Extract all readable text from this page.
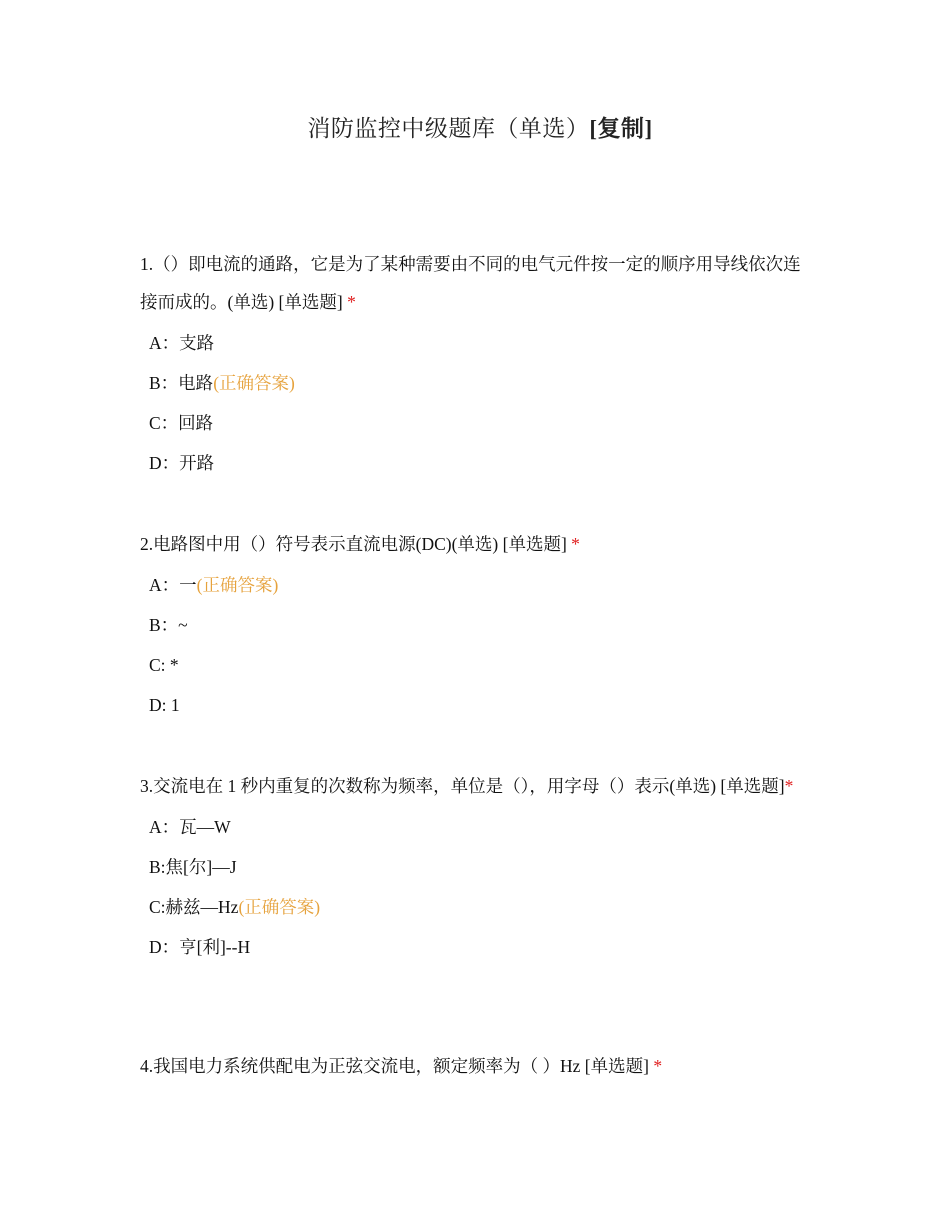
消防监控中级题库（单选）[复制]
1.（）即电流的通路，它是为了某种需要由不同的电气元件按一定的顺序用导线依次连接而成的。(单选) [单选题] *
A：支路
B：电路(正确答案)
C：回路
D：开路
2.电路图中用（）符号表示直流电源(DC)(单选) [单选题] *
A：一(正确答案)
B：~
C: *
D: 1
3.交流电在 1 秒内重复的次数称为频率，单位是（），用字母（）表示(单选) [单选题]*
A：瓦—W
B:焦[尔]—J
C:赫兹—Hz(正确答案)
D：亨[利]--H
4.我国电力系统供配电为正弦交流电，额定频率为（ ）Hz [单选题] *
